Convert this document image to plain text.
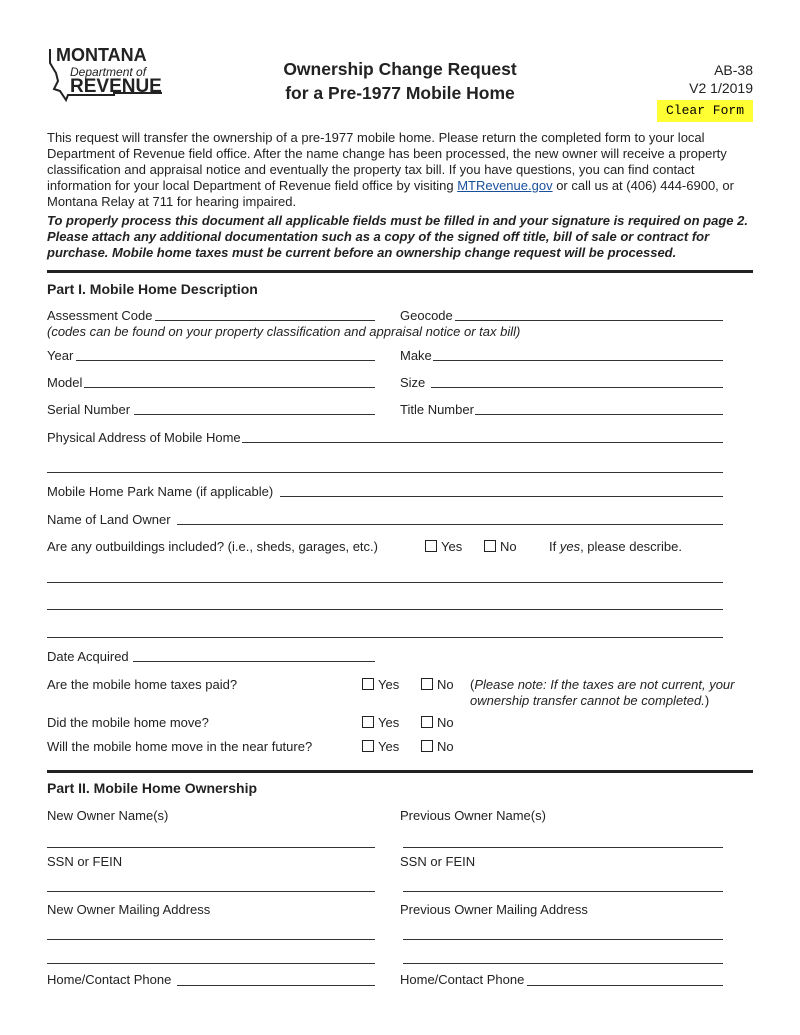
MONTANA
Department of
REVENUE
Ownership Change Request
for a Pre-1977 Mobile Home
AB-38
V2 1/2019
Clear Form
This request will transfer the ownership of a pre-1977 mobile home. Please return the completed form to your local Department of Revenue field office. After the name change has been processed, the new owner will receive a property classification and appraisal notice and eventually the property tax bill. If you have questions, you can find contact information for your local Department of Revenue field office by visiting MTRevenue.gov or call us at (406) 444-6900, or Montana Relay at 711 for hearing impaired.
To properly process this document all applicable fields must be filled in and your signature is required on page 2. Please attach any additional documentation such as a copy of the signed off title, bill of sale or contract for purchase. Mobile home taxes must be current before an ownership change request will be processed.
Part I. Mobile Home Description
Assessment Code	Geocode
(codes can be found on your property classification and appraisal notice or tax bill)
Year	Make
Model	Size
Serial Number	Title Number
Physical Address of Mobile Home
Mobile Home Park Name (if applicable)
Name of Land Owner
Are any outbuildings included? (i.e., sheds, garages, etc.)	Yes	No If yes, please describe.
Date Acquired
Are the mobile home taxes paid?	Yes	No (Please note: If the taxes are not current, your
ownership transfer cannot be completed.)
Did the mobile home move?	Yes	No
Will the mobile home move in the near future?	Yes	No
Part II. Mobile Home Ownership
New Owner Name(s)	Previous Owner Name(s)
SSN or FEIN	SSN or FEIN
New Owner Mailing Address	Previous Owner Mailing Address
Home/Contact Phone	Home/Contact Phone
